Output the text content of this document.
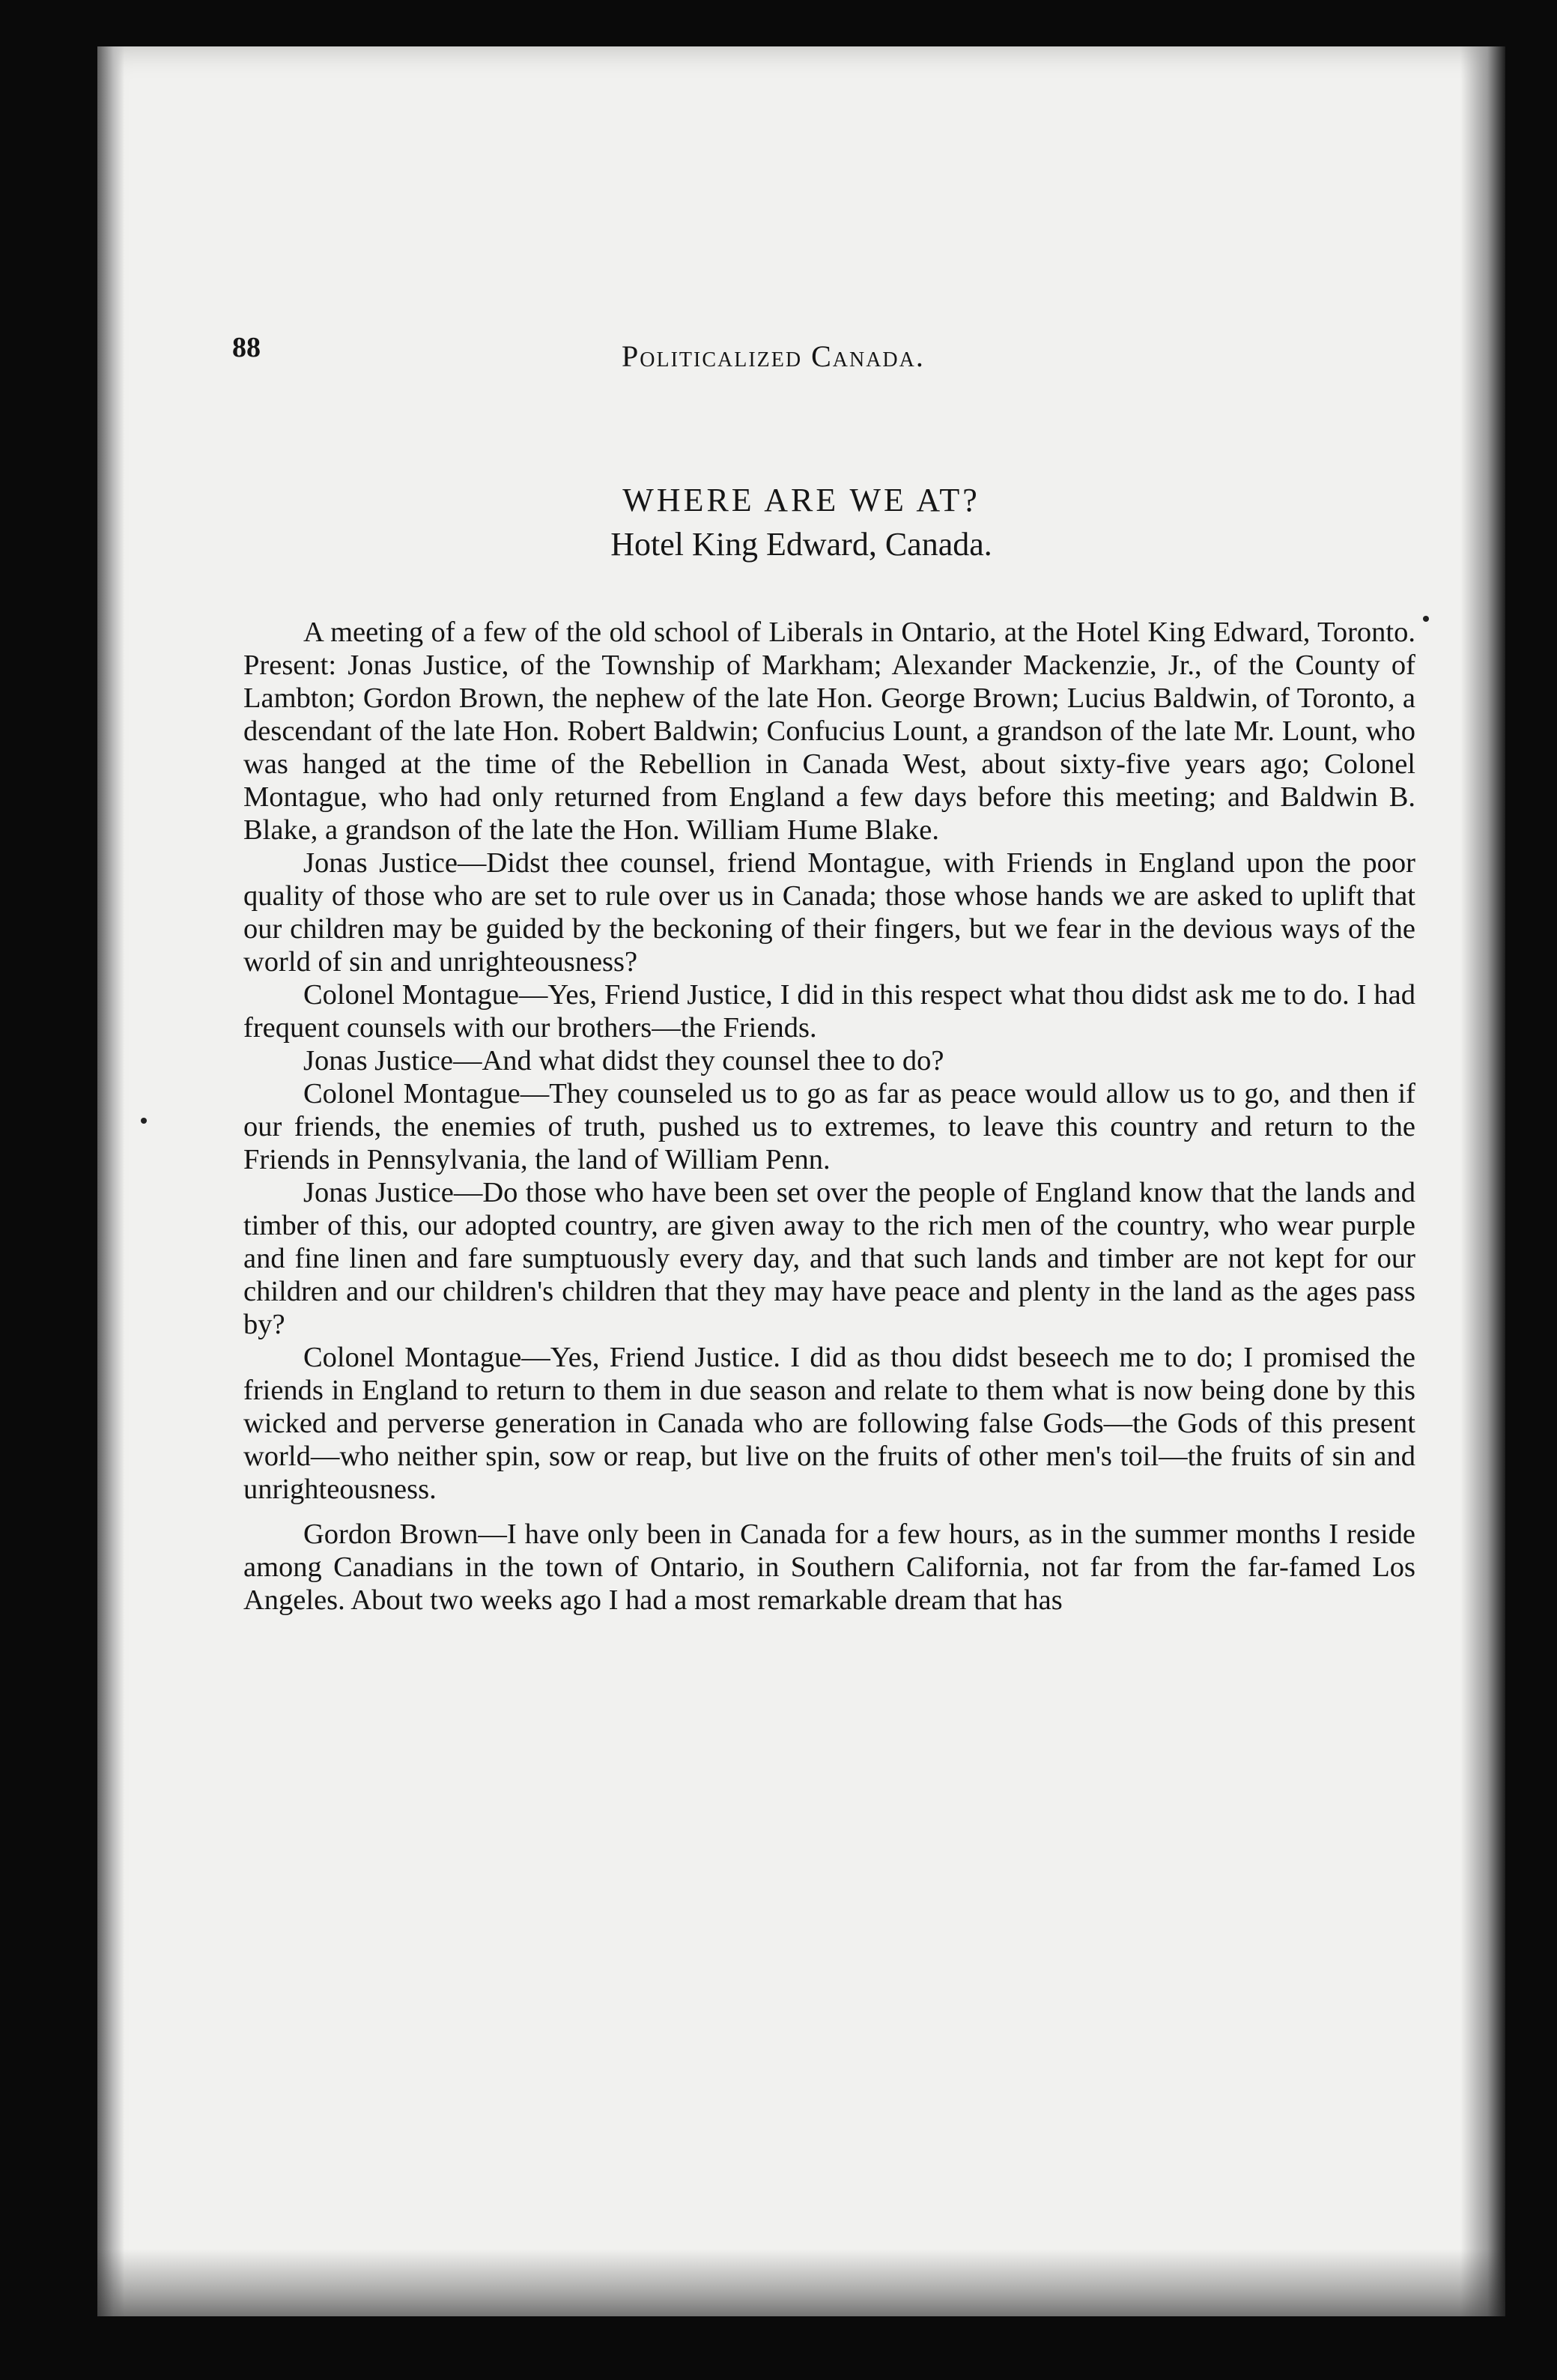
88	Politicalized Canada.
WHERE ARE WE AT?
Hotel King Edward, Canada.

A meeting of a few of the old school of Liberals in Ontario, at the Hotel King Edward, Toronto. Present: Jonas Justice, of the Township of Markham; Alexander Mackenzie, Jr., of the County of Lambton; Gordon Brown, the nephew of the late Hon. George Brown; Lucius Baldwin, of Toronto, a descendant of the late Hon. Robert Baldwin; Confucius Lount, a grandson of the late Mr. Lount, who was hanged at the time of the Rebellion in Canada West, about sixty-five years ago; Colonel Montague, who had only returned from England a few days before this meeting; and Baldwin B. Blake, a grandson of the late the Hon. William Hume Blake.

Jonas Justice—Didst thee counsel, friend Montague, with Friends in England upon the poor quality of those who are set to rule over us in Canada; those whose hands we are asked to uplift that our children may be guided by the beckoning of their fingers, but we fear in the devious ways of the world of sin and unrighteousness?

Colonel Montague—Yes, Friend Justice, I did in this respect what thou didst ask me to do. I had frequent counsels with our brothers—the Friends.

Jonas Justice—And what didst they counsel thee to do?

Colonel Montague—They counseled us to go as far as peace would allow us to go, and then if our friends, the enemies of truth, pushed us to extremes, to leave this country and return to the Friends in Pennsylvania, the land of William Penn.

Jonas Justice—Do those who have been set over the people of England know that the lands and timber of this, our adopted country, are given away to the rich men of the country, who wear purple and fine linen and fare sumptuously every day, and that such lands and timber are not kept for our children and our children's children that they may have peace and plenty in the land as the ages pass by?

Colonel Montague—Yes, Friend Justice. I did as thou didst beseech me to do; I promised the friends in England to return to them in due season and relate to them what is now being done by this wicked and perverse generation in Canada who are following false Gods—the Gods of this present world—who neither spin, sow or reap, but live on the fruits of other men's toil—the fruits of sin and unrighteousness.

Gordon Brown—I have only been in Canada for a few hours, as in the summer months I reside among Canadians in the town of Ontario, in Southern California, not far from the far-famed Los Angeles. About two weeks ago I had a most remarkable dream that has
